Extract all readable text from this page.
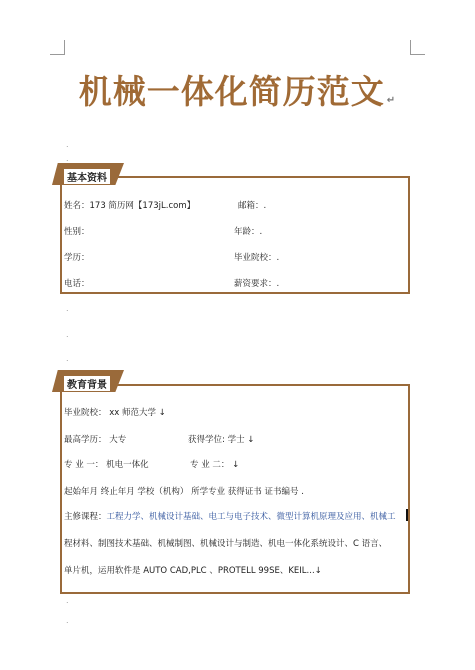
机械一体化简历范文 ↵
.
.
基本资料
姓名：173 简历网【173jL.com】	邮箱：.
性别：	年龄：.
学历：	毕业院校：.
电话：	薪资要求：.
.
.
.
教育背景
毕业院校： xx 师范大学 ↓
最高学历： 大专	获得学位: 学士 ↓
专 业 一： 机电一体化	专 业 二： ↓
起始年月 终止年月 学校（机构） 所学专业 获得证书 证书编号 .
主修课程：工程力学、机械设计基础、电工与电子技术、微型计算机原理及应用、机械工
程材料、制图技术基础、机械制图、机械设计与制造、机电一体化系统设计、C 语言、
单片机，运用软件是 AUTO CAD,PLC 、PROTELL 99SE、KEIL...↓
.
.
